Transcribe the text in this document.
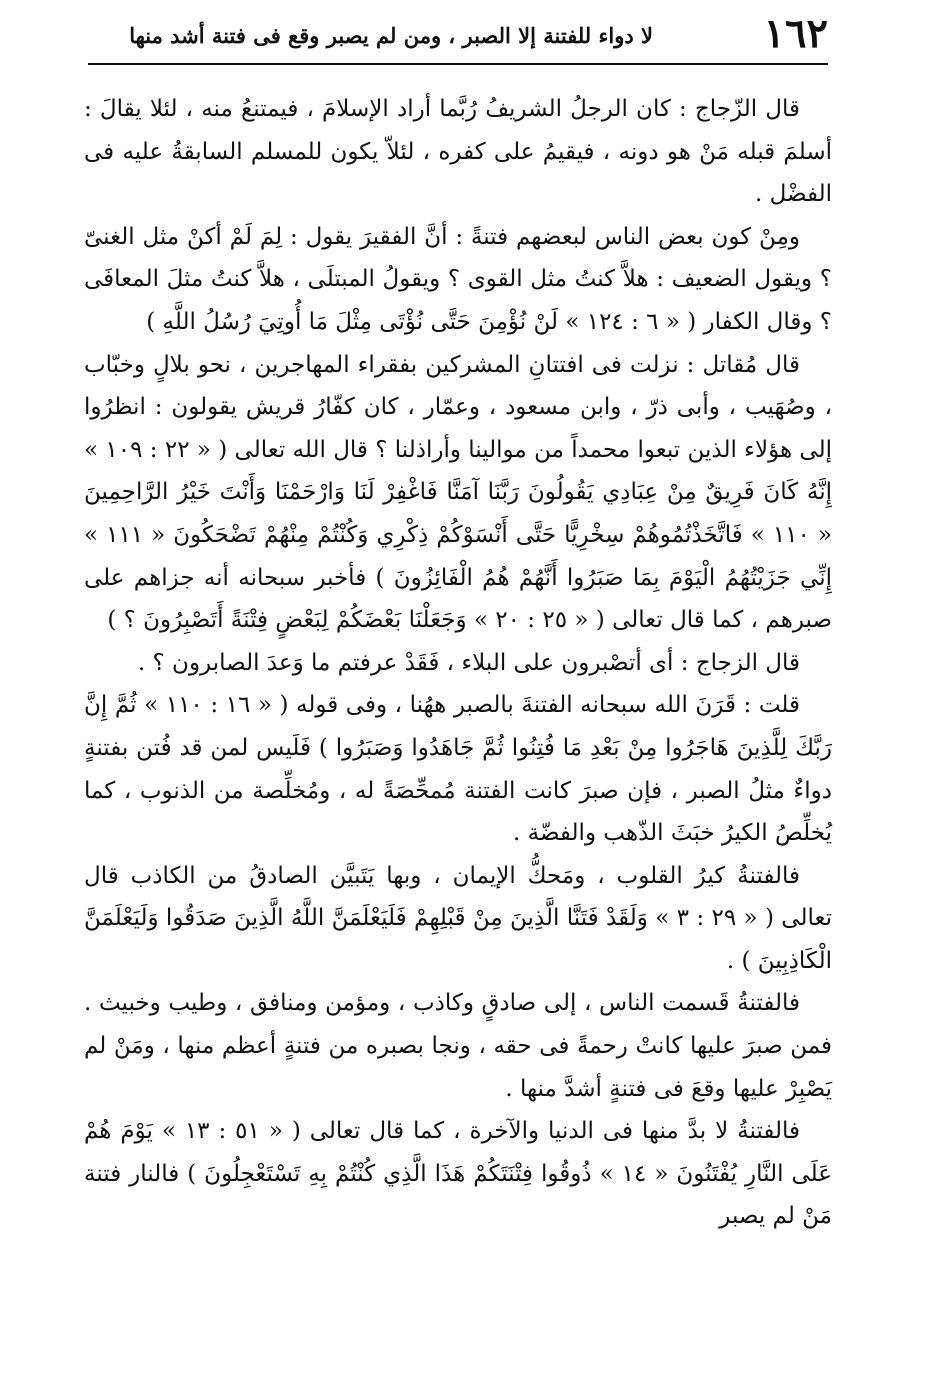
١٦٢
لا دواء للفتنة إلا الصبر ، ومن لم يصبر وقع فى فتنة أشد منها

قال الزّجاج : كان الرجلُ الشريفُ رُبَّما أراد الإسلامَ ، فيمتنعُ منه ، لئلا يقالَ : أسلمَ قبله مَنْ هو دونه ، فيقيمُ على كفره ، لئلاّ يكون للمسلم السابقةُ عليه فى الفضْل .

ومِنْ كون بعض الناس لبعضهم فتنةً : أنَّ الفقيرَ يقول : لِمَ لَمْ أكنْ مثل الغنىّ ؟ ويقول الضعيف : هلاَّ كنتُ مثل القوى ؟ ويقولُ المبتلَى ، هلاَّ كنتُ مثلَ المعافَى ؟ وقال الكفار ( « ٦ : ١٢٤ » لَنْ نُؤْمِنَ حَتَّى نُؤْتَى مِثْلَ مَا أُوتِيَ رُسُلُ اللَّهِ )

قال مُقاتل : نزلت فى افتتانِ المشركين بفقراء المهاجرين ، نحو بلالٍ وخبّاب ، وصُهَيب ، وأبى ذرّ ، وابن مسعود ، وعمّار ، كان كفّارُ قريش يقولون : انظرُوا إلى هؤلاء الذين تبعوا محمداً من موالينا وأراذلنا ؟ قال الله تعالى ( « ٢٢ : ١٠٩ » إِنَّهُ كَانَ فَرِيقٌ مِنْ عِبَادِي يَقُولُونَ رَبَّنَا آمَنَّا فَاغْفِرْ لَنَا وَارْحَمْنَا وَأَنْتَ خَيْرُ الرَّاحِمِينَ « ١١٠ » فَاتَّخَذْتُمُوهُمْ سِخْرِيًّا حَتَّى أَنْسَوْكُمْ ذِكْرِي وَكُنْتُمْ مِنْهُمْ تَضْحَكُونَ « ١١١ » إِنِّي جَزَيْتُهُمُ الْيَوْمَ بِمَا صَبَرُوا أَنَّهُمْ هُمُ الْفَائِزُونَ ) فأخبر سبحانه أنه جزاهم على صبرهم ، كما قال تعالى ( « ٢٥ : ٢٠ » وَجَعَلْنَا بَعْضَكُمْ لِبَعْضٍ فِتْنَةً أَتَصْبِرُونَ ؟ )

قال الزجاج : أى أتصْبرون على البلاء ، فَقَدْ عرفتم ما وَعدَ الصابرون ؟ .

قلت : قَرَنَ الله سبحانه الفتنةَ بالصبر ههُنا ، وفى قوله ( « ١٦ : ١١٠ » ثُمَّ إِنَّ رَبَّكَ لِلَّذِينَ هَاجَرُوا مِنْ بَعْدِ مَا فُتِنُوا ثُمَّ جَاهَدُوا وَصَبَرُوا ) فَلَيس لمن قد فُتن بفتنةٍ دواءٌ مثلُ الصبر ، فإن صبرَ كانت الفتنة مُمحِّصَةً له ، ومُخلِّصة من الذنوب ، كما يُخلِّصُ الكيرُ خبَثَ الذّهب والفضّة .

فالفتنةُ كيرُ القلوب ، ومَحكُّ الإيمان ، وبها يَتَبيَّن الصادقُ من الكاذب قال تعالى ( « ٢٩ : ٣ » وَلَقَدْ فَتَنَّا الَّذِينَ مِنْ قَبْلِهِمْ فَلَيَعْلَمَنَّ اللَّهُ الَّذِينَ صَدَقُوا وَلَيَعْلَمَنَّ الْكَاذِبِينَ ) .

فالفتنةُ قَسمت الناس ، إلى صادقٍ وكاذب ، ومؤمن ومنافق ، وطيب وخبيث . فمن صبرَ عليها كانتْ رحمةً فى حقه ، ونجا بصبره من فتنةٍ أعظم منها ، ومَنْ لم يَصْبِرْ عليها وقعَ فى فتنةٍ أشدَّ منها .

فالفتنةُ لا بدَّ منها فى الدنيا والآخرة ، كما قال تعالى ( « ٥١ : ١٣ » يَوْمَ هُمْ عَلَى النَّارِ يُفْتَنُونَ « ١٤ » ذُوقُوا فِتْنَتَكُمْ هَذَا الَّذِي كُنْتُمْ بِهِ تَسْتَعْجِلُونَ ) فالنار فتنة مَنْ لم يصبر
